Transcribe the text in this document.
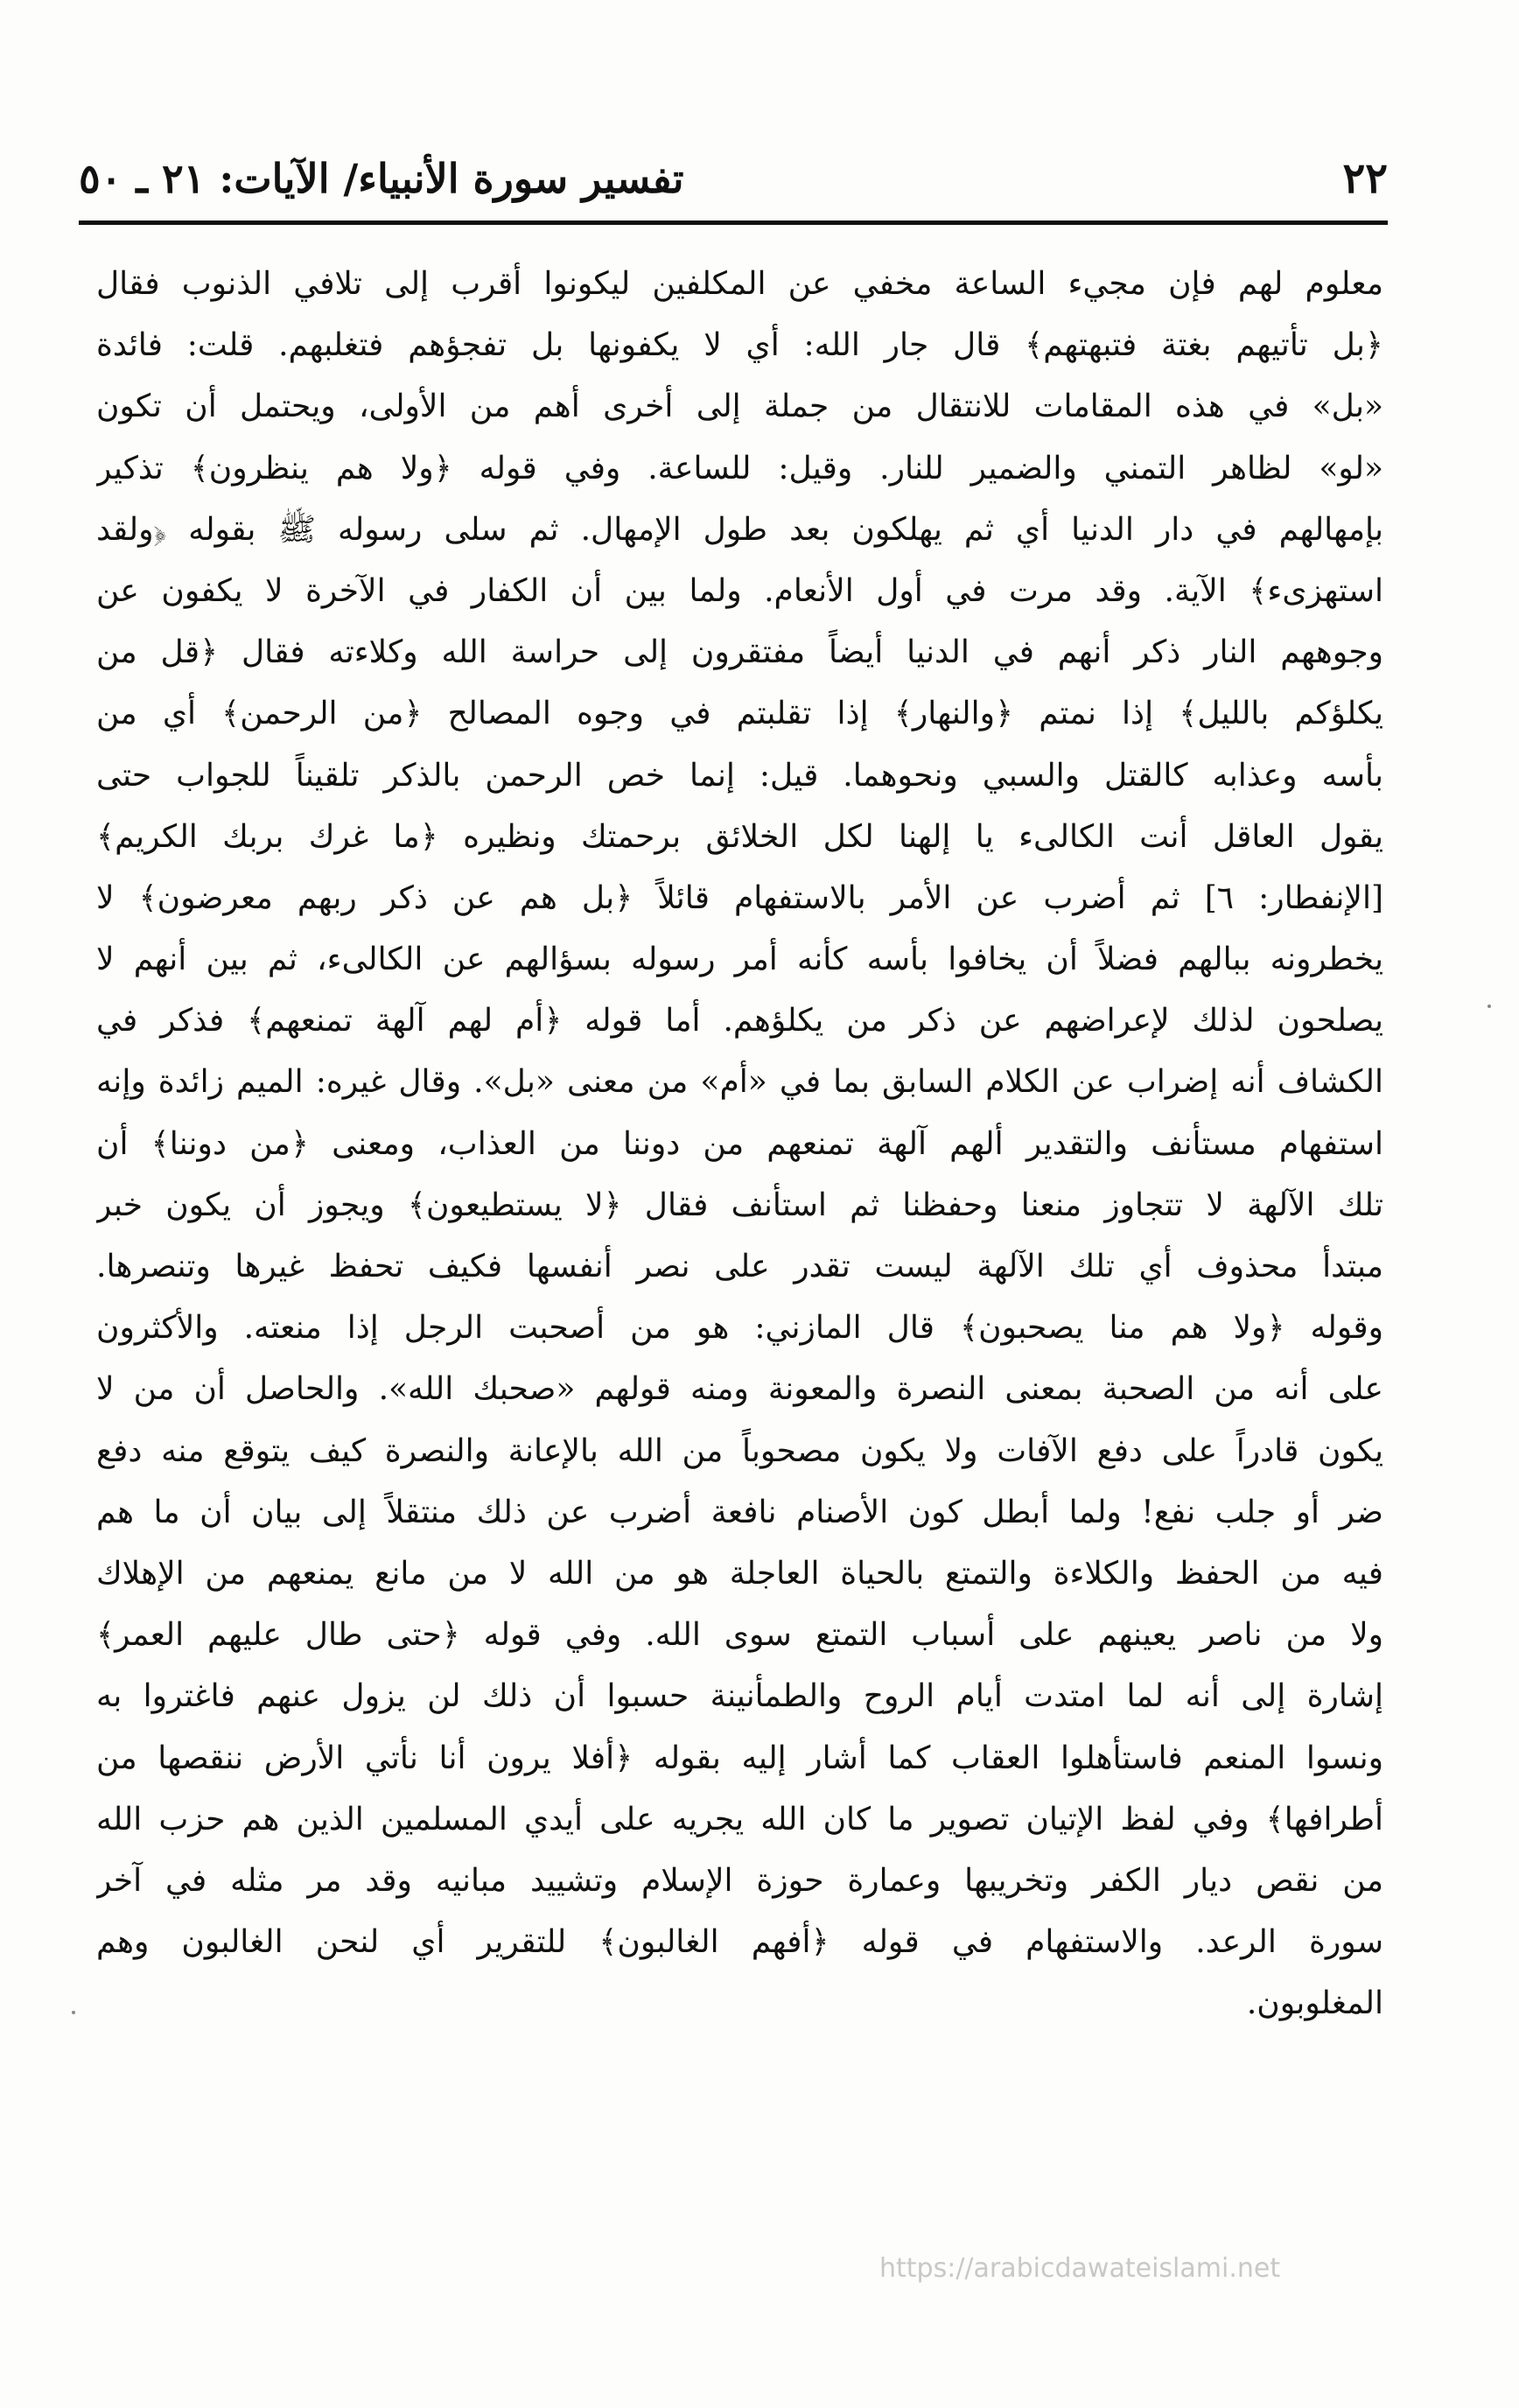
٢٢
تفسير سورة الأنبياء/ الآيات: ٢١ ـ ٥٠
معلوم لهم فإن مجيء الساعة مخفي عن المكلفين ليكونوا أقرب إلى تلافي الذنوب فقال
﴿بل تأتيهم بغتة فتبهتهم﴾ قال جار الله: أي لا يكفونها بل تفجؤهم فتغلبهم. قلت: فائدة
«بل» في هذه المقامات للانتقال من جملة إلى أخرى أهم من الأولى، ويحتمل أن تكون
«لو» لظاهر التمني والضمير للنار. وقيل: للساعة. وفي قوله ﴿ولا هم ينظرون﴾ تذكير
بإمهالهم في دار الدنيا أي ثم يهلكون بعد طول الإمهال. ثم سلى رسوله ﷺ بقوله ﴿ولقد
استهزىء﴾ الآية. وقد مرت في أول الأنعام. ولما بين أن الكفار في الآخرة لا يكفون عن
وجوههم النار ذكر أنهم في الدنيا أيضاً مفتقرون إلى حراسة الله وكلاءته فقال ﴿قل من
يكلؤكم بالليل﴾ إذا نمتم ﴿والنهار﴾ إذا تقلبتم في وجوه المصالح ﴿من الرحمن﴾ أي من
بأسه وعذابه كالقتل والسبي ونحوهما. قيل: إنما خص الرحمن بالذكر تلقيناً للجواب حتى
يقول العاقل أنت الكالىء يا إلهنا لكل الخلائق برحمتك ونظيره ﴿ما غرك بربك الكريم﴾
[الإنفطار: ٦] ثم أضرب عن الأمر بالاستفهام قائلاً ﴿بل هم عن ذكر ربهم معرضون﴾ لا
يخطرونه ببالهم فضلاً أن يخافوا بأسه كأنه أمر رسوله بسؤالهم عن الكالىء، ثم بين أنهم لا
يصلحون لذلك لإعراضهم عن ذكر من يكلؤهم. أما قوله ﴿أم لهم آلهة تمنعهم﴾ فذكر في
الكشاف أنه إضراب عن الكلام السابق بما في «أم» من معنى «بل». وقال غيره: الميم زائدة وإنه
استفهام مستأنف والتقدير ألهم آلهة تمنعهم من دوننا من العذاب، ومعنى ﴿من دوننا﴾ أن
تلك الآلهة لا تتجاوز منعنا وحفظنا ثم استأنف فقال ﴿لا يستطيعون﴾ ويجوز أن يكون خبر
مبتدأ محذوف أي تلك الآلهة ليست تقدر على نصر أنفسها فكيف تحفظ غيرها وتنصرها.
وقوله ﴿ولا هم منا يصحبون﴾ قال المازني: هو من أصحبت الرجل إذا منعته. والأكثرون
على أنه من الصحبة بمعنى النصرة والمعونة ومنه قولهم «صحبك الله». والحاصل أن من لا
يكون قادراً على دفع الآفات ولا يكون مصحوباً من الله بالإعانة والنصرة كيف يتوقع منه دفع
ضر أو جلب نفع! ولما أبطل كون الأصنام نافعة أضرب عن ذلك منتقلاً إلى بيان أن ما هم
فيه من الحفظ والكلاءة والتمتع بالحياة العاجلة هو من الله لا من مانع يمنعهم من الإهلاك
ولا من ناصر يعينهم على أسباب التمتع سوى الله. وفي قوله ﴿حتى طال عليهم العمر﴾
إشارة إلى أنه لما امتدت أيام الروح والطمأنينة حسبوا أن ذلك لن يزول عنهم فاغتروا به
ونسوا المنعم فاستأهلوا العقاب كما أشار إليه بقوله ﴿أفلا يرون أنا نأتي الأرض ننقصها من
أطرافها﴾ وفي لفظ الإتيان تصوير ما كان الله يجريه على أيدي المسلمين الذين هم حزب الله
من نقص ديار الكفر وتخريبها وعمارة حوزة الإسلام وتشييد مبانيه وقد مر مثله في آخر
سورة الرعد. والاستفهام في قوله ﴿أفهم الغالبون﴾ للتقرير أي لنحن الغالبون وهم
المغلوبون.
https://arabicdawateislami.net
